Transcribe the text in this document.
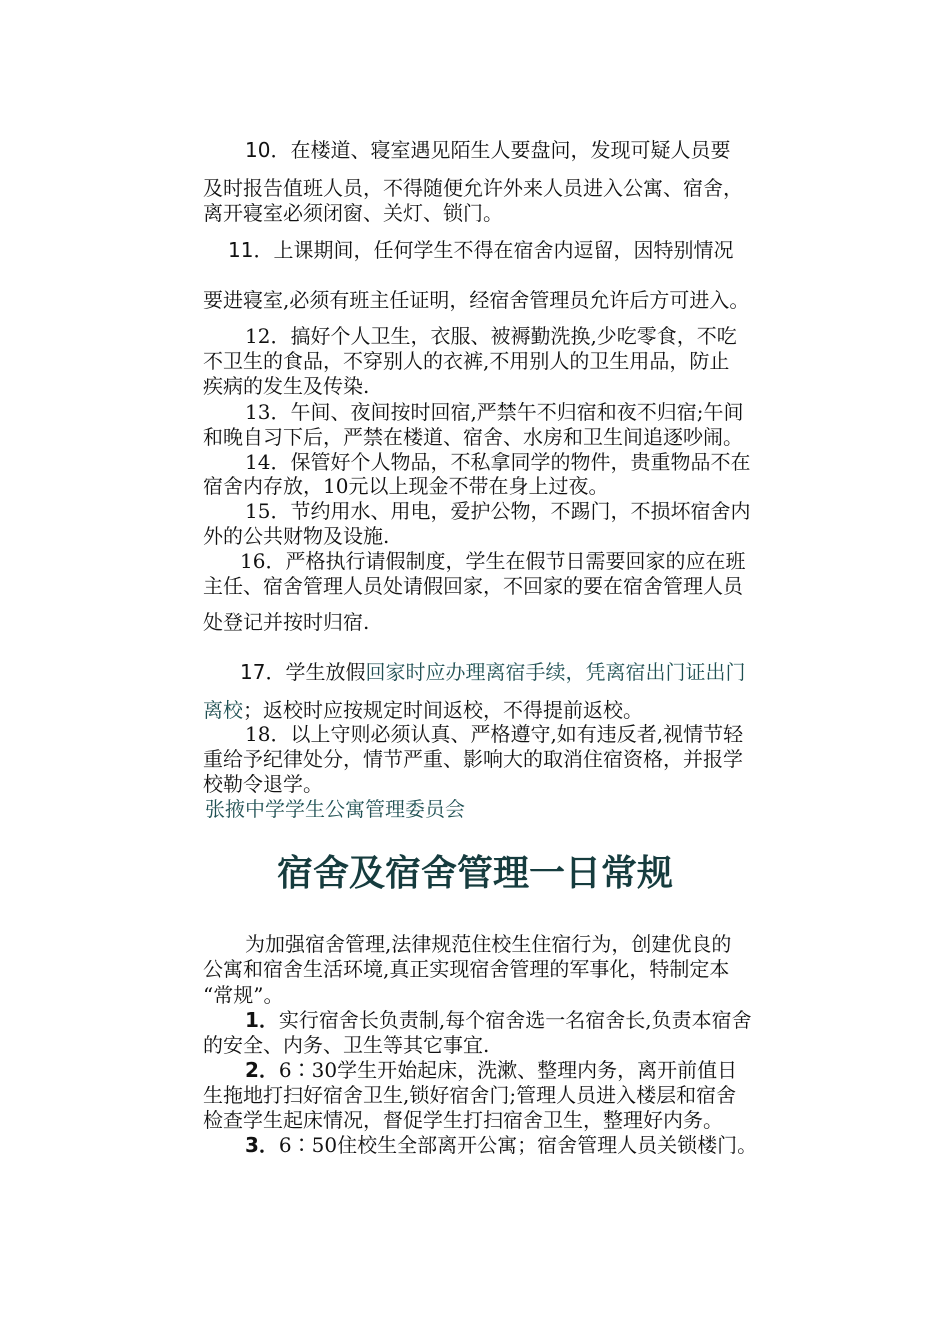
10．在楼道、寝室遇见陌生人要盘问，发现可疑人员要
及时报告值班人员，不得随便允许外来人员进入公寓、宿舍，
离开寝室必须闭窗、关灯、锁门。
11．上课期间，任何学生不得在宿舍内逗留，因特别情况
要进寝室,必须有班主任证明，经宿舍管理员允许后方可进入。
12．搞好个人卫生，衣服、被褥勤洗换,少吃零食，不吃
不卫生的食品，不穿别人的衣裤,不用别人的卫生用品，防止
疾病的发生及传染.
13．午间、夜间按时回宿,严禁午不归宿和夜不归宿;午间
和晚自习下后，严禁在楼道、宿舍、水房和卫生间追逐吵闹。
14．保管好个人物品，不私拿同学的物件，贵重物品不在
宿舍内存放，10元以上现金不带在身上过夜。
15．节约用水、用电，爱护公物，不踢门，不损坏宿舍内
外的公共财物及设施.
16．严格执行请假制度，学生在假节日需要回家的应在班
主任、宿舍管理人员处请假回家，不回家的要在宿舍管理人员
处登记并按时归宿.
17．学生放假回家时应办理离宿手续，凭离宿出门证出门
离校；返校时应按规定时间返校，不得提前返校。
18．以上守则必须认真、严格遵守,如有违反者,视情节轻
重给予纪律处分，情节严重、影响大的取消住宿资格，并报学
校勒令退学。
张掖中学学生公寓管理委员会
宿舍及宿舍管理一日常规
为加强宿舍管理,法律规范住校生住宿行为，创建优良的
公寓和宿舍生活环境,真正实现宿舍管理的军事化，特制定本
“常规”。
1．实行宿舍长负责制,每个宿舍选一名宿舍长,负责本宿舍
的安全、内务、卫生等其它事宜.
2．6∶30学生开始起床，洗漱、整理内务，离开前值日
生拖地打扫好宿舍卫生,锁好宿舍门;管理人员进入楼层和宿舍
检查学生起床情况，督促学生打扫宿舍卫生，整理好内务。
3．6∶50住校生全部离开公寓；宿舍管理人员关锁楼门。
